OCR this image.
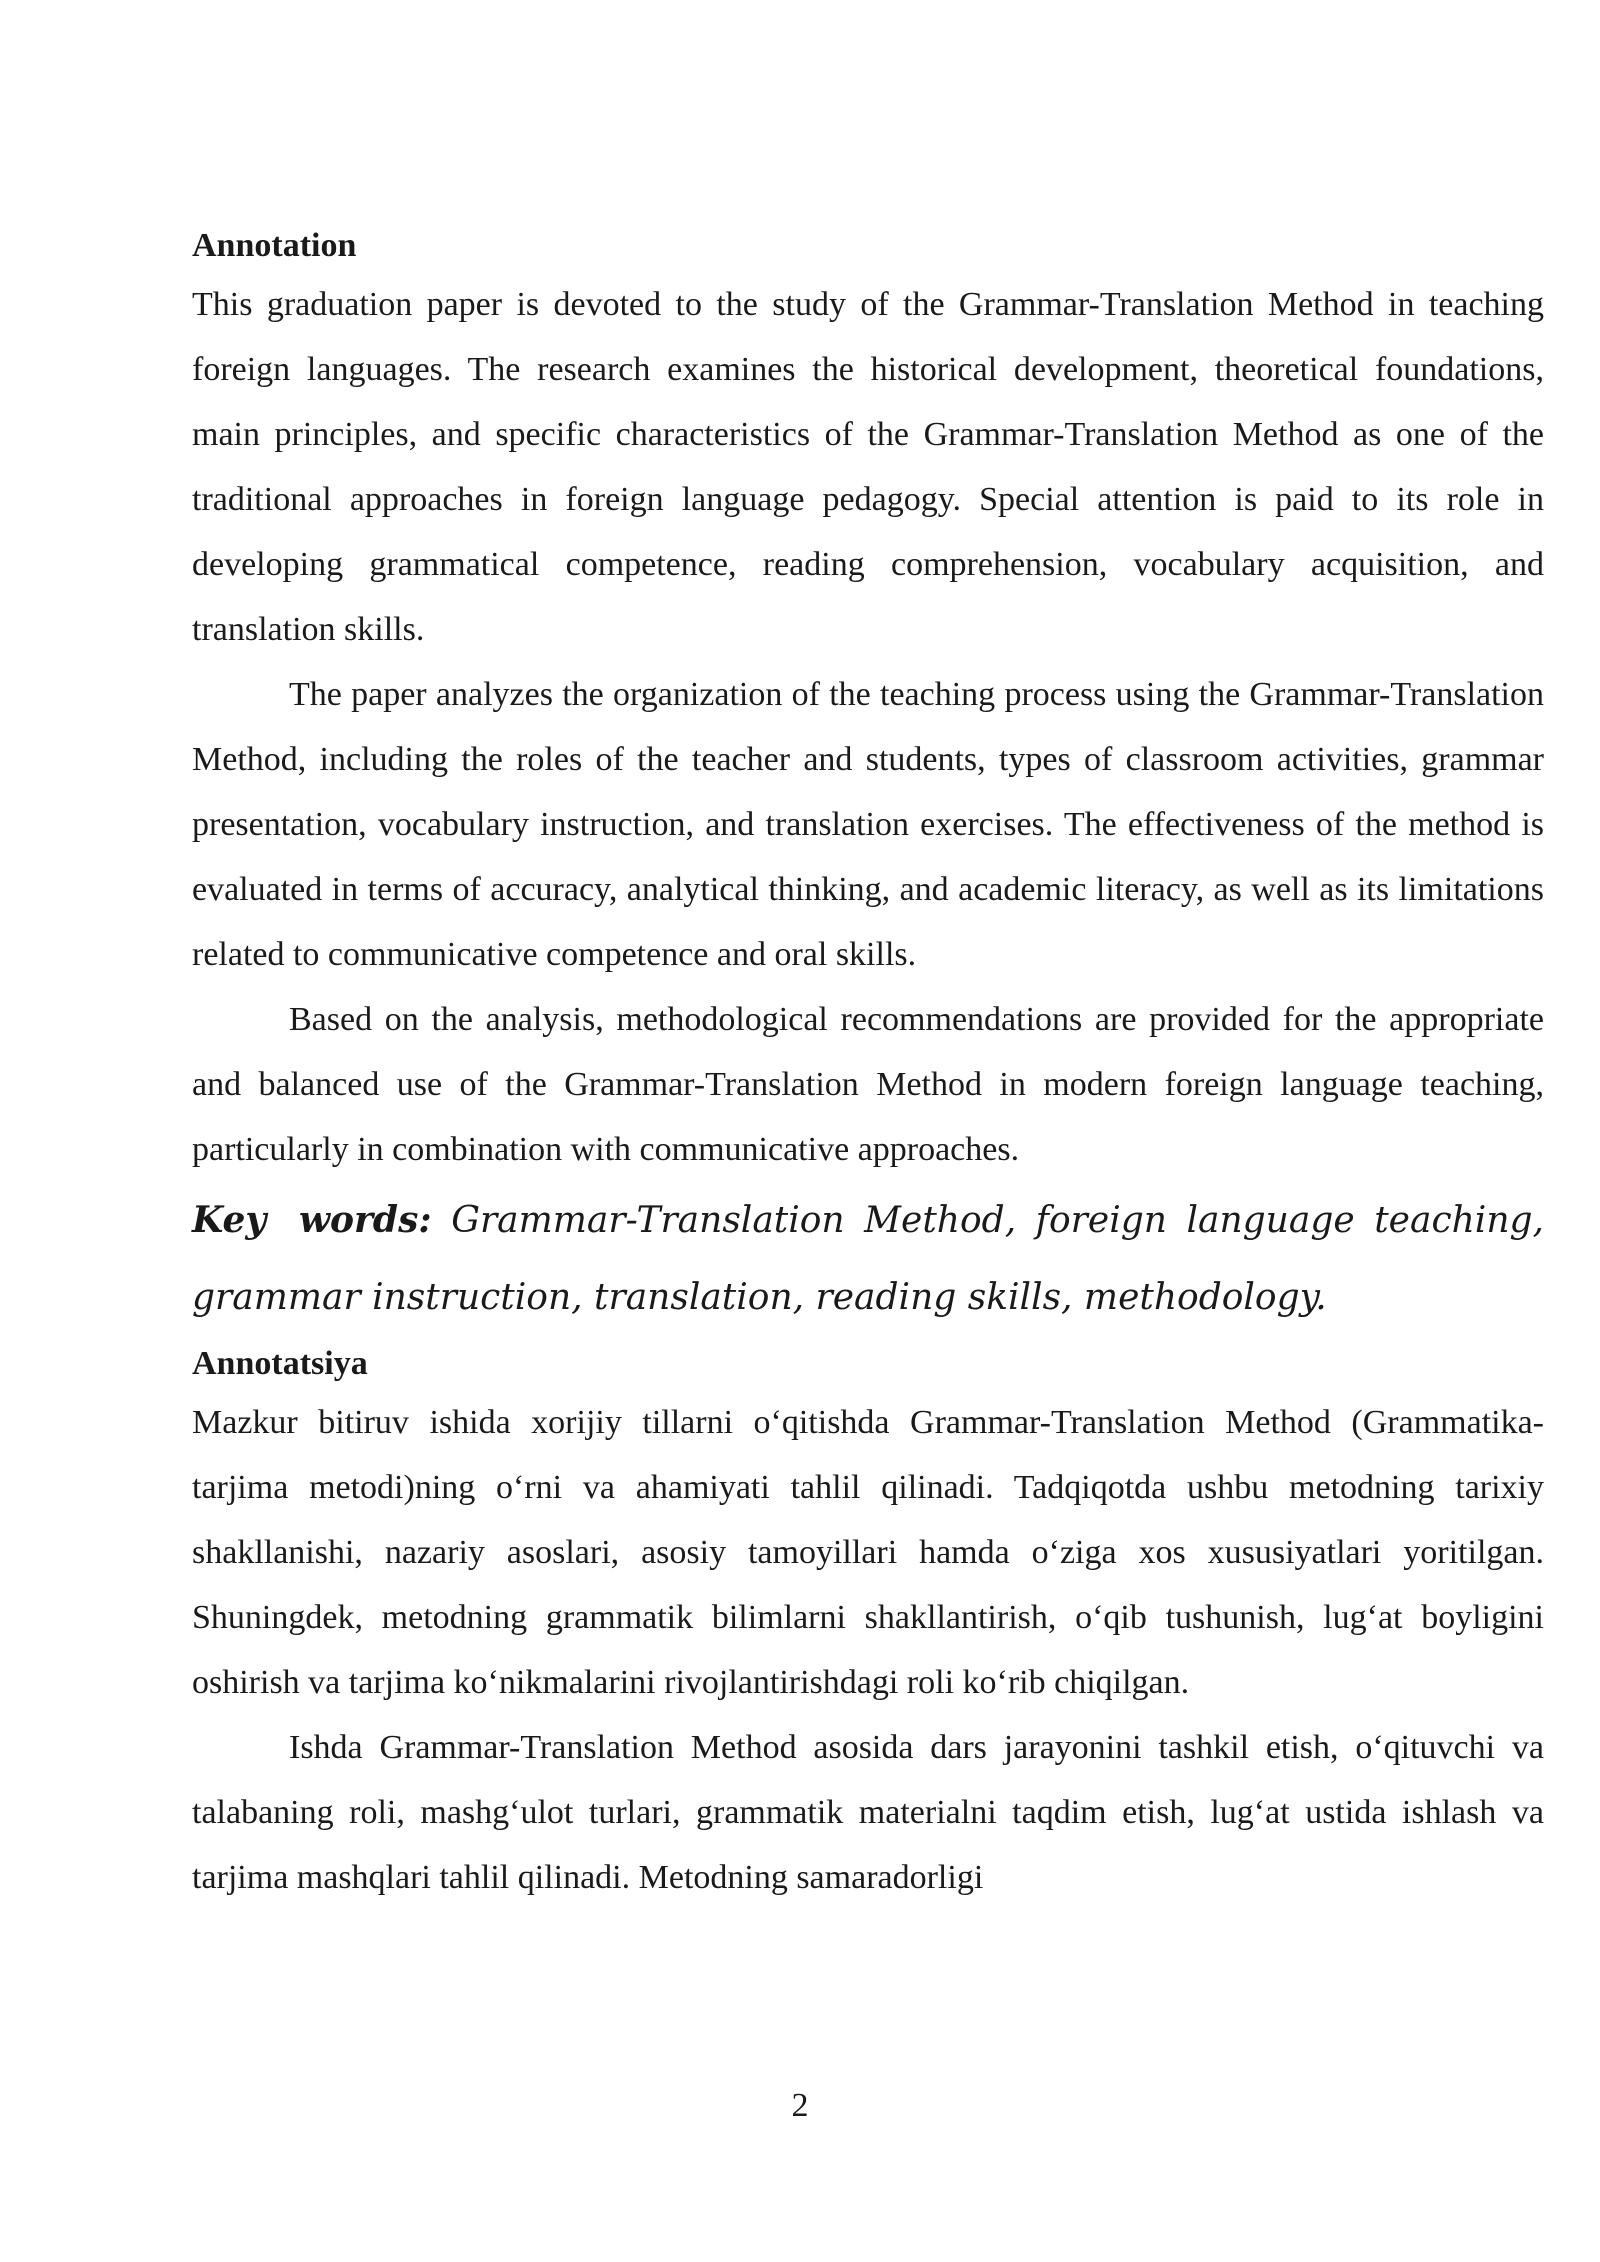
Annotation

This graduation paper is devoted to the study of the Grammar-Translation Method in teaching foreign languages. The research examines the historical development, theoretical foundations, main principles, and specific characteristics of the Grammar-Translation Method as one of the traditional approaches in foreign language pedagogy. Special attention is paid to its role in developing grammatical competence, reading comprehension, vocabulary acquisition, and translation skills.

The paper analyzes the organization of the teaching process using the Grammar-Translation Method, including the roles of the teacher and students, types of classroom activities, grammar presentation, vocabulary instruction, and translation exercises. The effectiveness of the method is evaluated in terms of accuracy, analytical thinking, and academic literacy, as well as its limitations related to communicative competence and oral skills.

Based on the analysis, methodological recommendations are provided for the appropriate and balanced use of the Grammar-Translation Method in modern foreign language teaching, particularly in combination with communicative approaches.

Key words: Grammar-Translation Method, foreign language teaching, grammar instruction, translation, reading skills, methodology.

Annotatsiya

Mazkur bitiruv ishida xorijiy tillarni o‘qitishda Grammar-Translation Method (Grammatika-tarjima metodi)ning o‘rni va ahamiyati tahlil qilinadi. Tadqiqotda ushbu metodning tarixiy shakllanishi, nazariy asoslari, asosiy tamoyillari hamda o‘ziga xos xususiyatlari yoritilgan. Shuningdek, metodning grammatik bilimlarni shakllantirish, o‘qib tushunish, lug‘at boyligini oshirish va tarjima ko‘nikmalarini rivojlantirishdagi roli ko‘rib chiqilgan.

Ishda Grammar-Translation Method asosida dars jarayonini tashkil etish, o‘qituvchi va talabaning roli, mashg‘ulot turlari, grammatik materialni taqdim etish, lug‘at ustida ishlash va tarjima mashqlari tahlil qilinadi. Metodning samaradorligi

2
